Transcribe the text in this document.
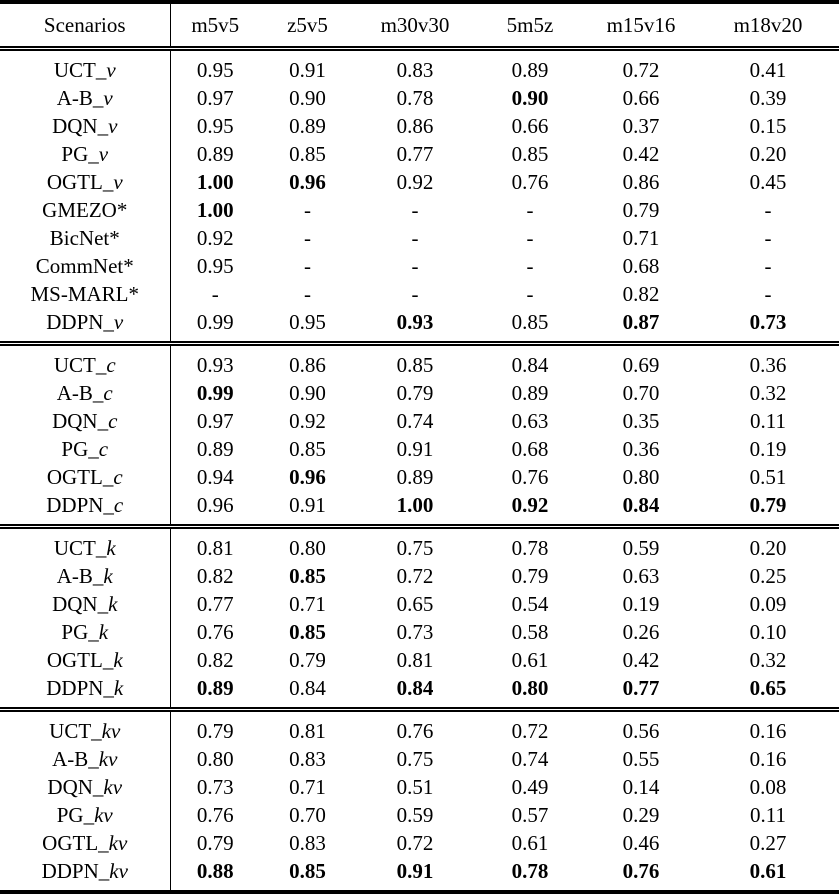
Scenarios	m5v5	z5v5	m30v30	5m5z	m15v16	m18v20
UCT_v	0.95	0.91	0.83	0.89	0.72	0.41
A-B_v	0.97	0.90	0.78	0.90	0.66	0.39
DQN_v	0.95	0.89	0.86	0.66	0.37	0.15
PG_v	0.89	0.85	0.77	0.85	0.42	0.20
OGTL_v	1.00	0.96	0.92	0.76	0.86	0.45
GMEZO*	1.00	-	-	-	0.79	-
BicNet*	0.92	-	-	-	0.71	-
CommNet*	0.95	-	-	-	0.68	-
MS-MARL*	-	-	-	-	0.82	-
DDPN_v	0.99	0.95	0.93	0.85	0.87	0.73
UCT_c	0.93	0.86	0.85	0.84	0.69	0.36
A-B_c	0.99	0.90	0.79	0.89	0.70	0.32
DQN_c	0.97	0.92	0.74	0.63	0.35	0.11
PG_c	0.89	0.85	0.91	0.68	0.36	0.19
OGTL_c	0.94	0.96	0.89	0.76	0.80	0.51
DDPN_c	0.96	0.91	1.00	0.92	0.84	0.79
UCT_k	0.81	0.80	0.75	0.78	0.59	0.20
A-B_k	0.82	0.85	0.72	0.79	0.63	0.25
DQN_k	0.77	0.71	0.65	0.54	0.19	0.09
PG_k	0.76	0.85	0.73	0.58	0.26	0.10
OGTL_k	0.82	0.79	0.81	0.61	0.42	0.32
DDPN_k	0.89	0.84	0.84	0.80	0.77	0.65
UCT_kv	0.79	0.81	0.76	0.72	0.56	0.16
A-B_kv	0.80	0.83	0.75	0.74	0.55	0.16
DQN_kv	0.73	0.71	0.51	0.49	0.14	0.08
PG_kv	0.76	0.70	0.59	0.57	0.29	0.11
OGTL_kv	0.79	0.83	0.72	0.61	0.46	0.27
DDPN_kv	0.88	0.85	0.91	0.78	0.76	0.61
